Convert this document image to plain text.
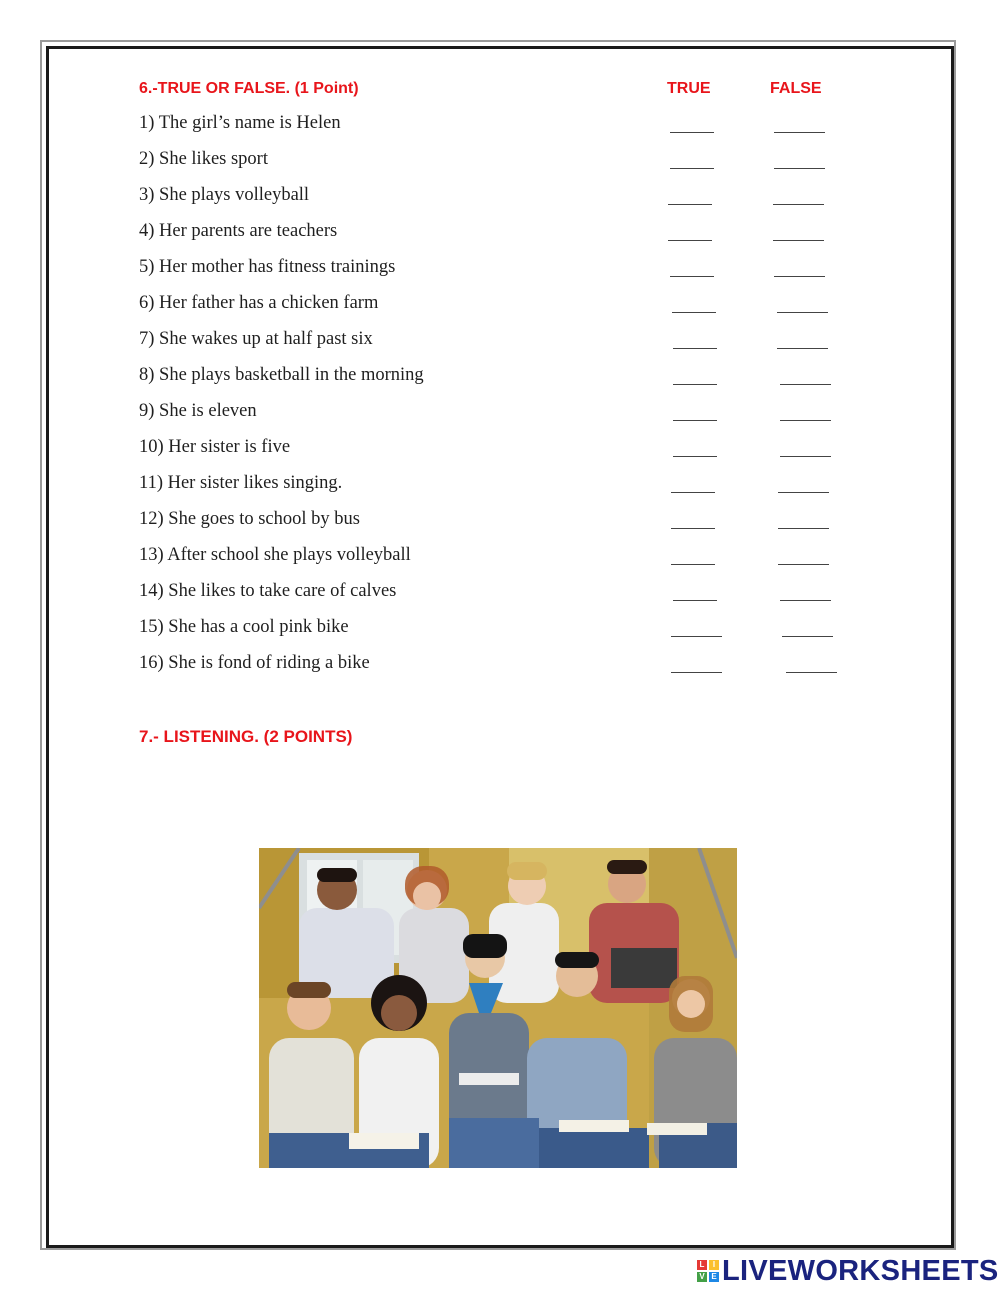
6.-TRUE OR FALSE. (1 Point)	TRUE	FALSE
1) The girl’s name is Helen
2) She likes sport
3) She plays volleyball
4) Her parents are teachers
5) Her mother has fitness trainings
6) Her father has a chicken farm
7) She wakes up at half past six
8) She plays basketball in the morning
9) She is eleven
10) Her sister is five
11) Her sister likes singing.
12) She goes to school by bus
13) After school she plays volleyball
14) She likes to take care of calves
15) She has a cool pink bike
16) She is fond of riding a bike
7.- LISTENING. (2 POINTS)
L	I
V E LIVEWORKSHEETS
